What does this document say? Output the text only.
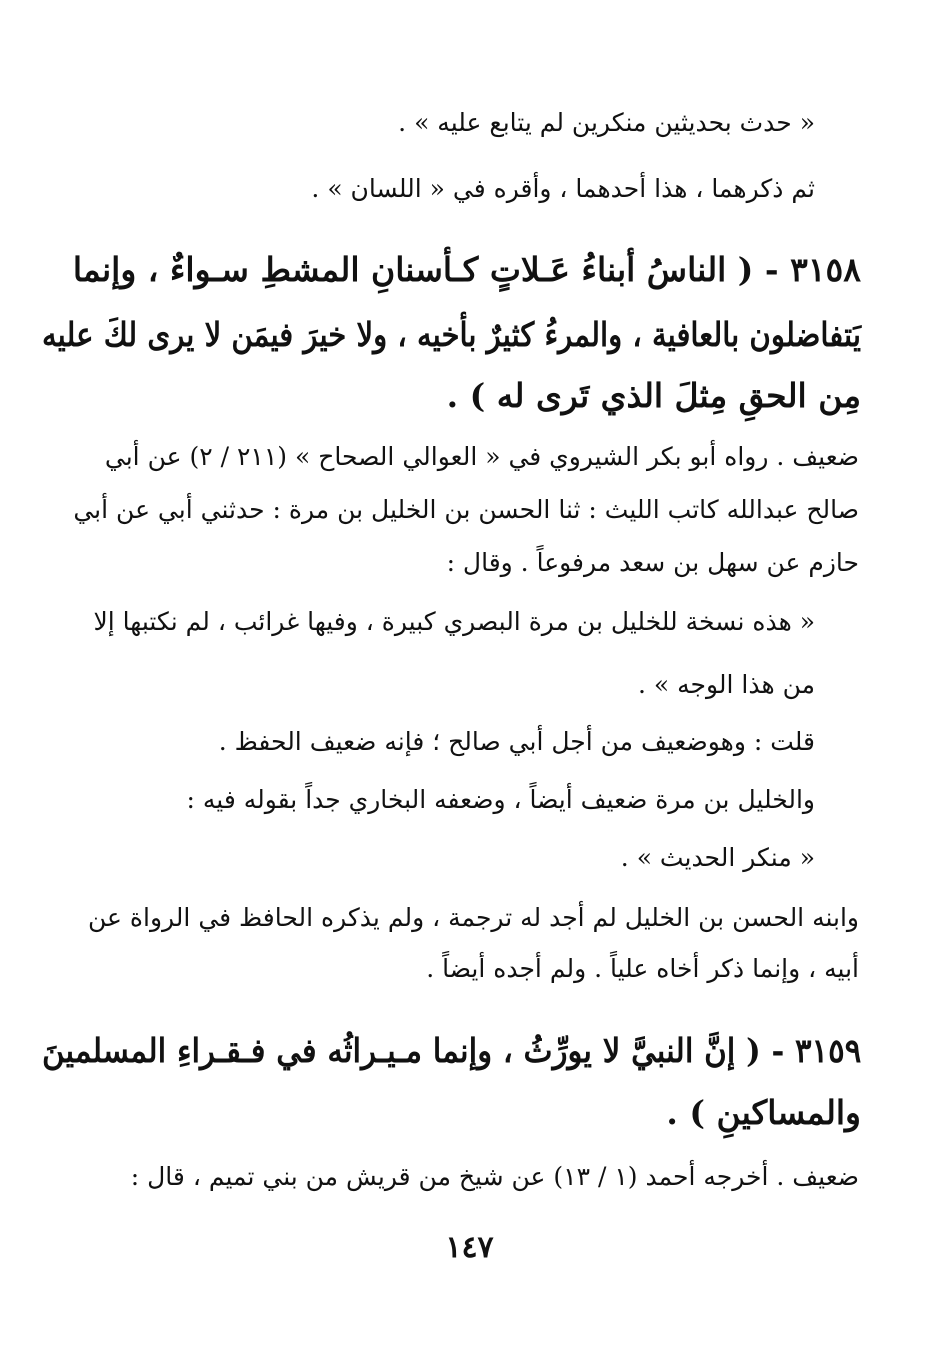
« حدث بحديثين منكرين لم يتابع عليه » .

ثم ذكرهما ، هذا أحدهما ، وأقره في « اللسان » .

٣١٥٨ - ( الناسُ أبناءُ عَـلاتٍ كـأسنانِ المشطِ سـواءٌ ، وإنما

يَتفاضلون بالعافية ، والمرءُ كثيرٌ بأخيه ، ولا خيرَ فيمَن لا يرى لكَ عليه

مِن الحقِ مِثلَ الذي تَرى له ) .

ضعيف . رواه أبو بكر الشيروي في « العوالي الصحاح » (٢١١ / ٢) عن أبي

صالح عبدالله كاتب الليث : ثنا الحسن بن الخليل بن مرة : حدثني أبي عن أبي

حازم عن سهل بن سعد مرفوعاً . وقال :

« هذه نسخة للخليل بن مرة البصري كبيرة ، وفيها غرائب ، لم نكتبها إلا

من هذا الوجه » .

قلت : وهوضعيف من أجل أبي صالح ؛ فإنه ضعيف الحفظ .

والخليل بن مرة ضعيف أيضاً ، وضعفه البخاري جداً بقوله فيه :

« منكر الحديث » .

وابنه الحسن بن الخليل لم أجد له ترجمة ، ولم يذكره الحافظ في الرواة عن

أبيه ، وإنما ذكر أخاه علياً . ولم أجده أيضاً .

٣١٥٩ - ( إنَّ النبيَّ لا يورِّثُ ، وإنما مـيـراثُه في فـقـراءِ المسلمينَ

والمساكينِ ) .

ضعيف . أخرجه أحمد (١ / ١٣) عن شيخ من قريش من بني تميم ، قال :

١٤٧
